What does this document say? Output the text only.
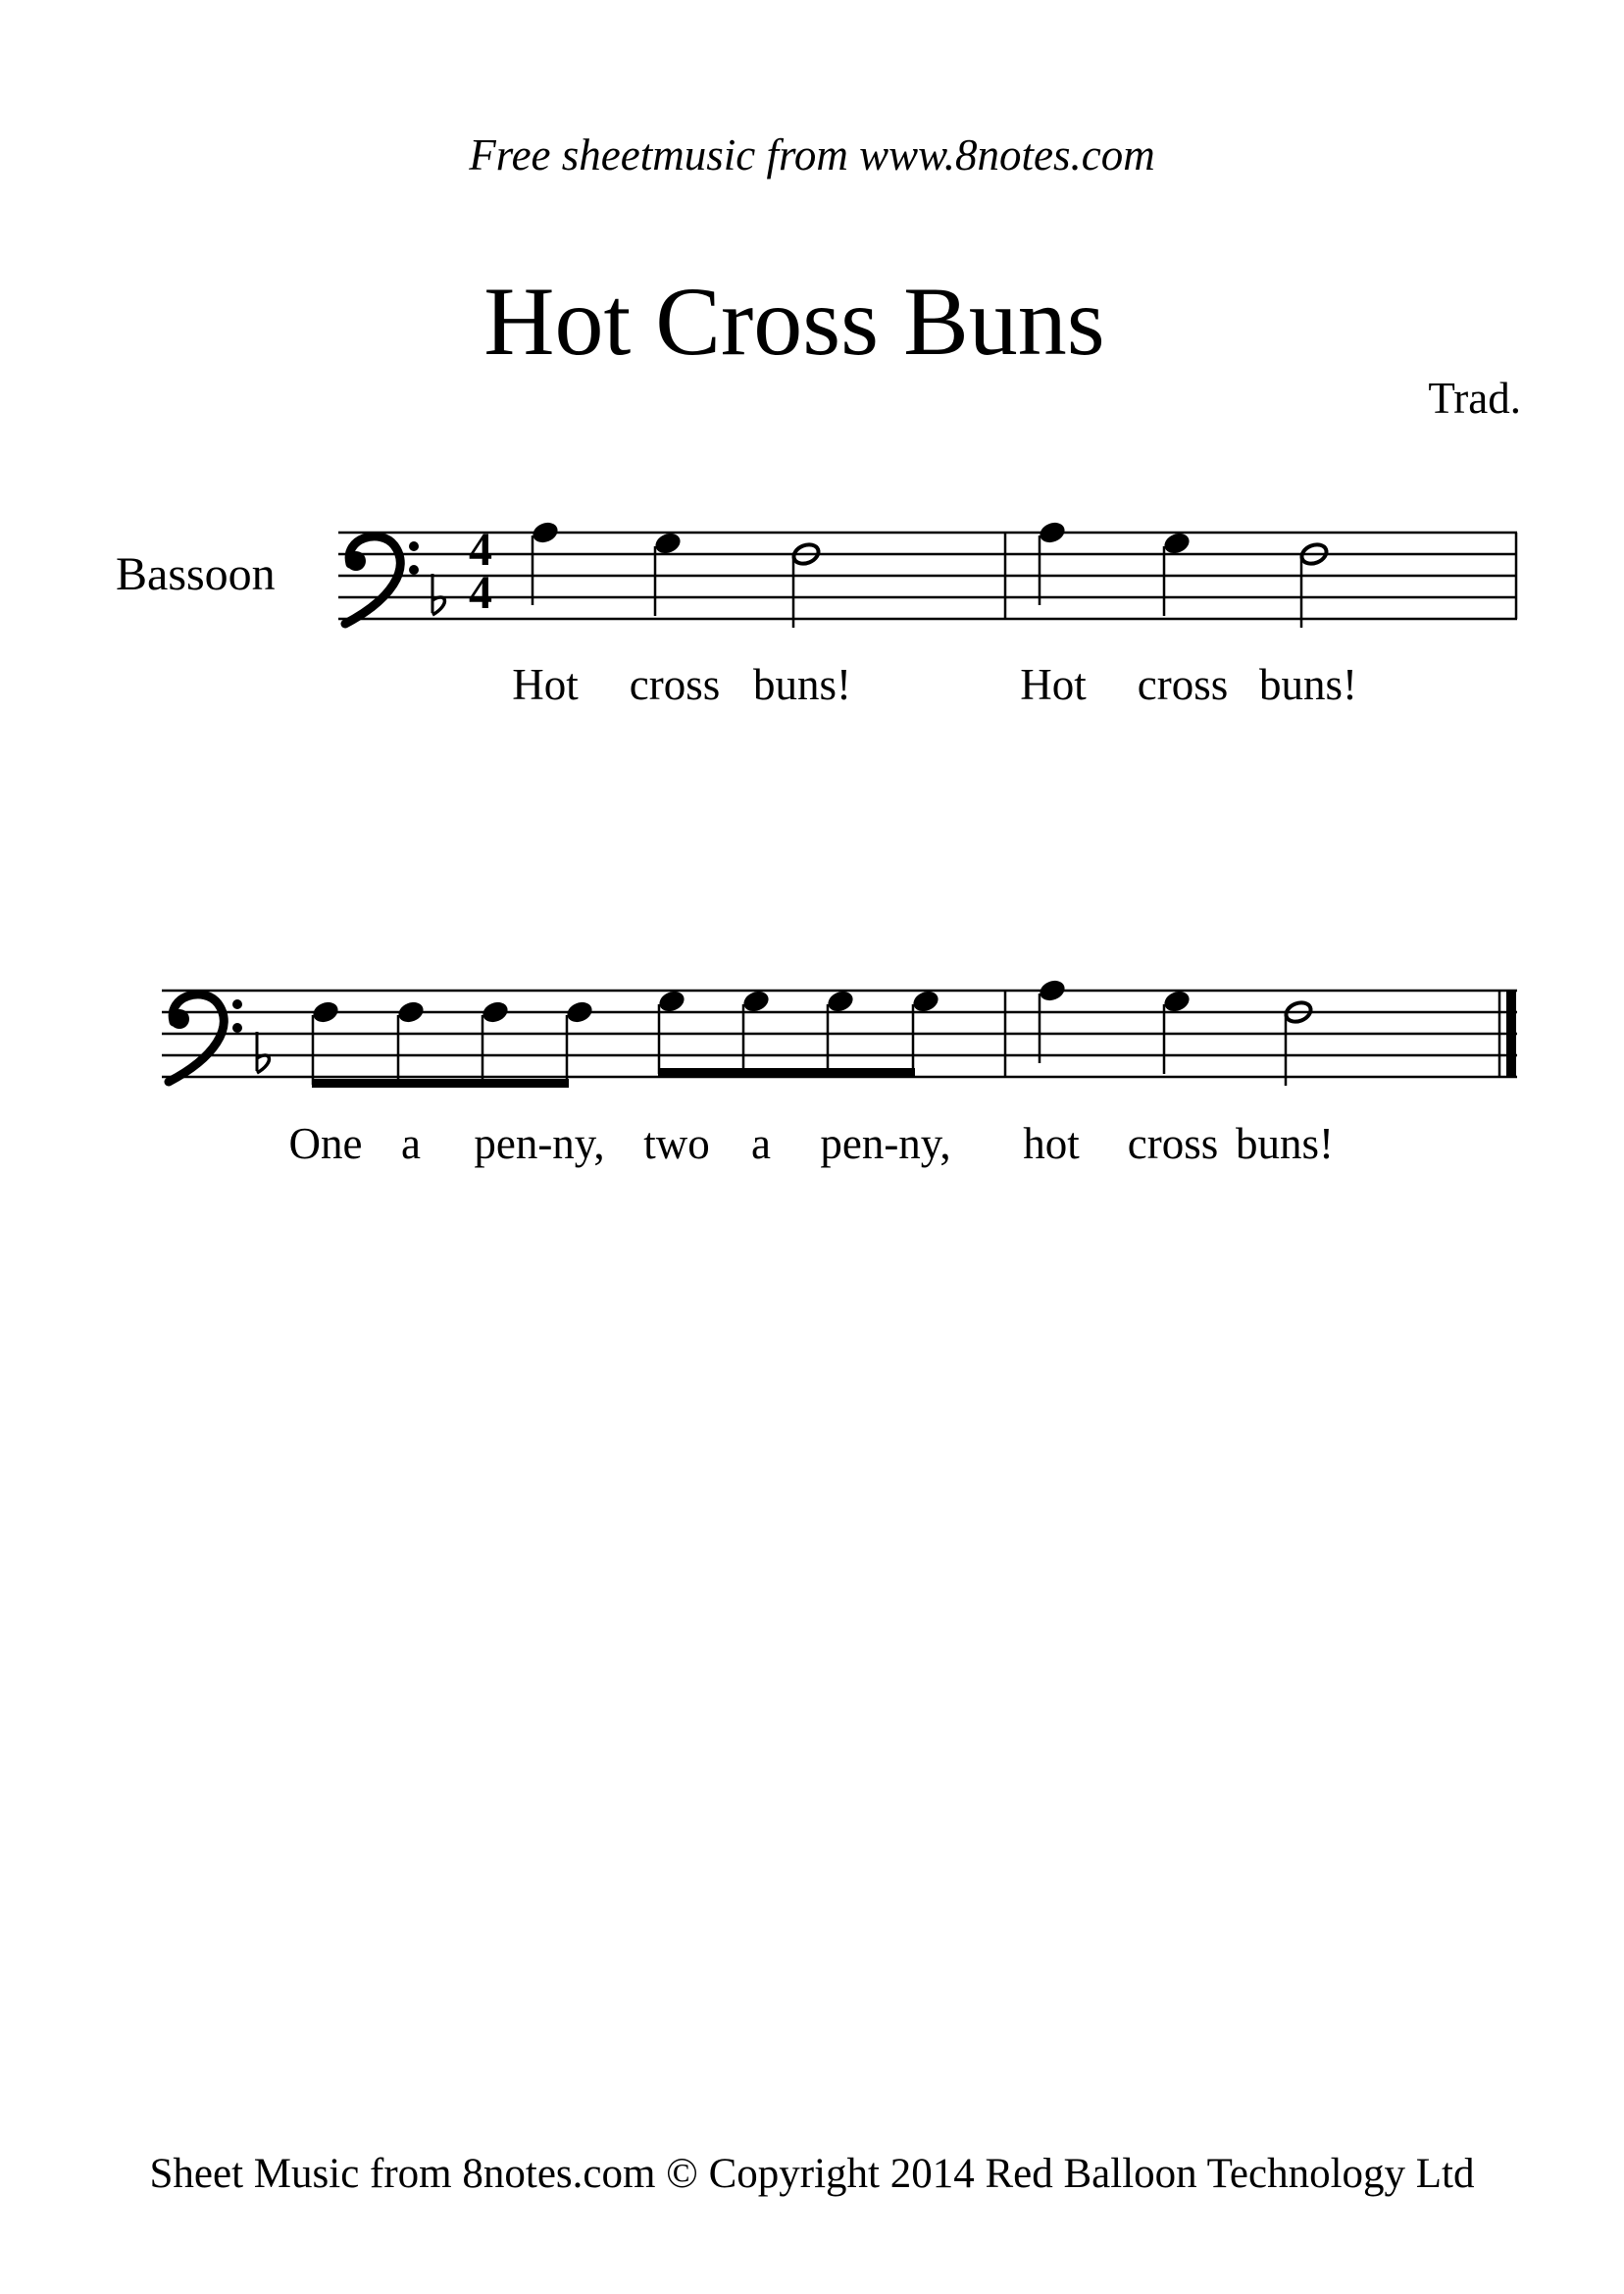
Free sheetmusic from www.8notes.com
Hot Cross Buns
Trad.
Bassoon	4
4
Hot cross buns!	Hot cross buns!
One a pen-ny, two a pen-ny, hot cross buns!
Sheet Music from 8notes.com © Copyright 2014 Red Balloon Technology Ltd
